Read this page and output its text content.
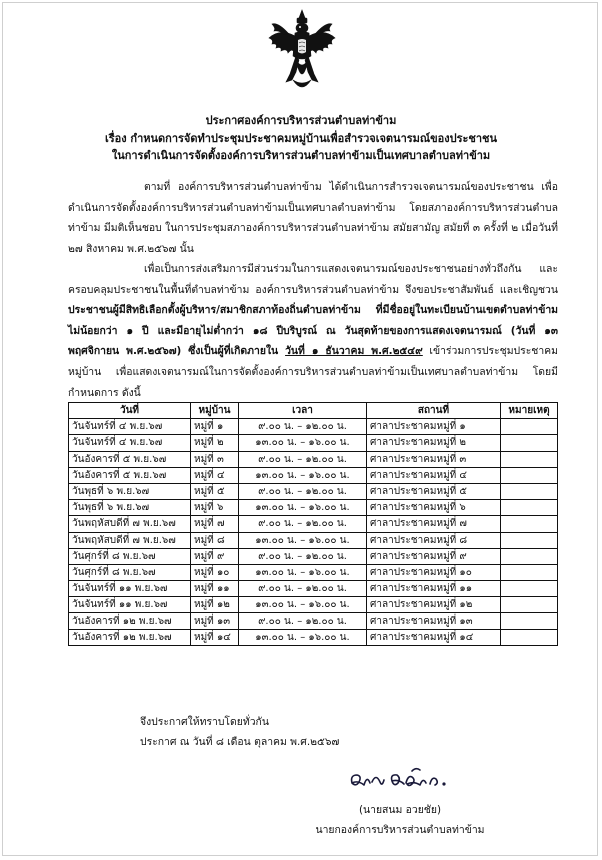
ประกาศองค์การบริหารส่วนตำบลท่าข้าม
เรื่อง กำหนดการจัดทำประชุมประชาคมหมู่บ้านเพื่อสำรวจเจตนารมณ์ของประชาชน
ในการดำเนินการจัดตั้งองค์การบริหารส่วนตำบลท่าข้ามเป็นเทศบาลตำบลท่าข้าม
ตามที่ องค์การบริหารส่วนตำบลท่าข้าม ได้ดำเนินการสำรวจเจตนารมณ์ของประชาชน เพื่อดำเนินการจัดตั้งองค์การบริหารส่วนตำบลท่าข้ามเป็นเทศบาลตำบลท่าข้าม โดยสภาองค์การบริหารส่วนตำบลท่าข้าม มีมติเห็นชอบ ในการประชุมสภาองค์การบริหารส่วนตำบลท่าข้าม สมัยสามัญ สมัยที่ ๓ ครั้งที่ ๒ เมื่อวันที่ ๒๗ สิงหาคม พ.ศ.๒๕๖๗ นั้น
เพื่อเป็นการส่งเสริมการมีส่วนร่วมในการแสดงเจตนารมณ์ของประชาชนอย่างทั่วถึงกัน และครอบคลุมประชาชนในพื้นที่ตำบลท่าข้าม องค์การบริหารส่วนตำบลท่าข้าม จึงขอประชาสัมพันธ์ และเชิญชวน ประชาชนผู้มีสิทธิเลือกตั้งผู้บริหาร/สมาชิกสภาท้องถิ่นตำบลท่าข้าม ที่มีชื่ออยู่ในทะเบียนบ้านเขตตำบลท่าข้ามไม่น้อยกว่า ๑ ปี และมีอายุไม่ต่ำกว่า ๑๘ ปีบริบูรณ์ ณ วันสุดท้ายของการแสดงเจตนารมณ์ (วันที่ ๑๓ พฤศจิกายน พ.ศ.๒๕๖๗) ซึ่งเป็นผู้ที่เกิดภายใน วันที่ ๑ ธันวาคม พ.ศ.๒๕๔๙ เข้าร่วมการประชุมประชาคมหมู่บ้าน เพื่อแสดงเจตนารมณ์ในการจัดตั้งองค์การบริหารส่วนตำบลท่าข้ามเป็นเทศบาลตำบลท่าข้าม โดยมีกำหนดการ ดังนี้
วันที่	หมู่บ้าน	เวลา	สถานที่	หมายเหตุ
วันจันทร์ที่ ๔ พ.ย.๖๗	หมู่ที่ ๑	๙.๐๐ น. – ๑๒.๐๐ น.	ศาลาประชาคมหมู่ที่ ๑	
วันจันทร์ที่ ๔ พ.ย.๖๗	หมู่ที่ ๒	๑๓.๐๐ น. – ๑๖.๐๐ น.	ศาลาประชาคมหมู่ที่ ๒	
วันอังคารที่ ๕ พ.ย.๖๗	หมู่ที่ ๓	๙.๐๐ น. – ๑๒.๐๐ น.	ศาลาประชาคมหมู่ที่ ๓	
วันอังคารที่ ๕ พ.ย.๖๗	หมู่ที่ ๔	๑๓.๐๐ น. – ๑๖.๐๐ น.	ศาลาประชาคมหมู่ที่ ๔	
วันพุธที่ ๖ พ.ย.๖๗	หมู่ที่ ๕	๙.๐๐ น. – ๑๒.๐๐ น.	ศาลาประชาคมหมู่ที่ ๕	
วันพุธที่ ๖ พ.ย.๖๗	หมู่ที่ ๖	๑๓.๐๐ น. – ๑๖.๐๐ น.	ศาลาประชาคมหมู่ที่ ๖	
วันพฤหัสบดีที่ ๗ พ.ย.๖๗	หมู่ที่ ๗	๙.๐๐ น. – ๑๒.๐๐ น.	ศาลาประชาคมหมู่ที่ ๗	
วันพฤหัสบดีที่ ๗ พ.ย.๖๗	หมู่ที่ ๘	๑๓.๐๐ น. – ๑๖.๐๐ น.	ศาลาประชาคมหมู่ที่ ๘	
วันศุกร์ที่ ๘ พ.ย.๖๗	หมู่ที่ ๙	๙.๐๐ น. – ๑๒.๐๐ น.	ศาลาประชาคมหมู่ที่ ๙	
วันศุกร์ที่ ๘ พ.ย.๖๗	หมู่ที่ ๑๐	๑๓.๐๐ น. – ๑๖.๐๐ น.	ศาลาประชาคมหมู่ที่ ๑๐	
วันจันทร์ที่ ๑๑ พ.ย.๖๗	หมู่ที่ ๑๑	๙.๐๐ น. – ๑๒.๐๐ น.	ศาลาประชาคมหมู่ที่ ๑๑	
วันจันทร์ที่ ๑๑ พ.ย.๖๗	หมู่ที่ ๑๒	๑๓.๐๐ น. – ๑๖.๐๐ น.	ศาลาประชาคมหมู่ที่ ๑๒	
วันอังคารที่ ๑๒ พ.ย.๖๗	หมู่ที่ ๑๓	๙.๐๐ น. – ๑๒.๐๐ น.	ศาลาประชาคมหมู่ที่ ๑๓	
วันอังคารที่ ๑๒ พ.ย.๖๗	หมู่ที่ ๑๔	๑๓.๐๐ น. – ๑๖.๐๐ น.	ศาลาประชาคมหมู่ที่ ๑๔	
จึงประกาศให้ทราบโดยทั่วกัน
ประกาศ ณ วันที่ ๘ เดือน ตุลาคม พ.ศ.๒๕๖๗
(นายสนม อวยชัย)
นายกองค์การบริหารส่วนตำบลท่าข้าม
